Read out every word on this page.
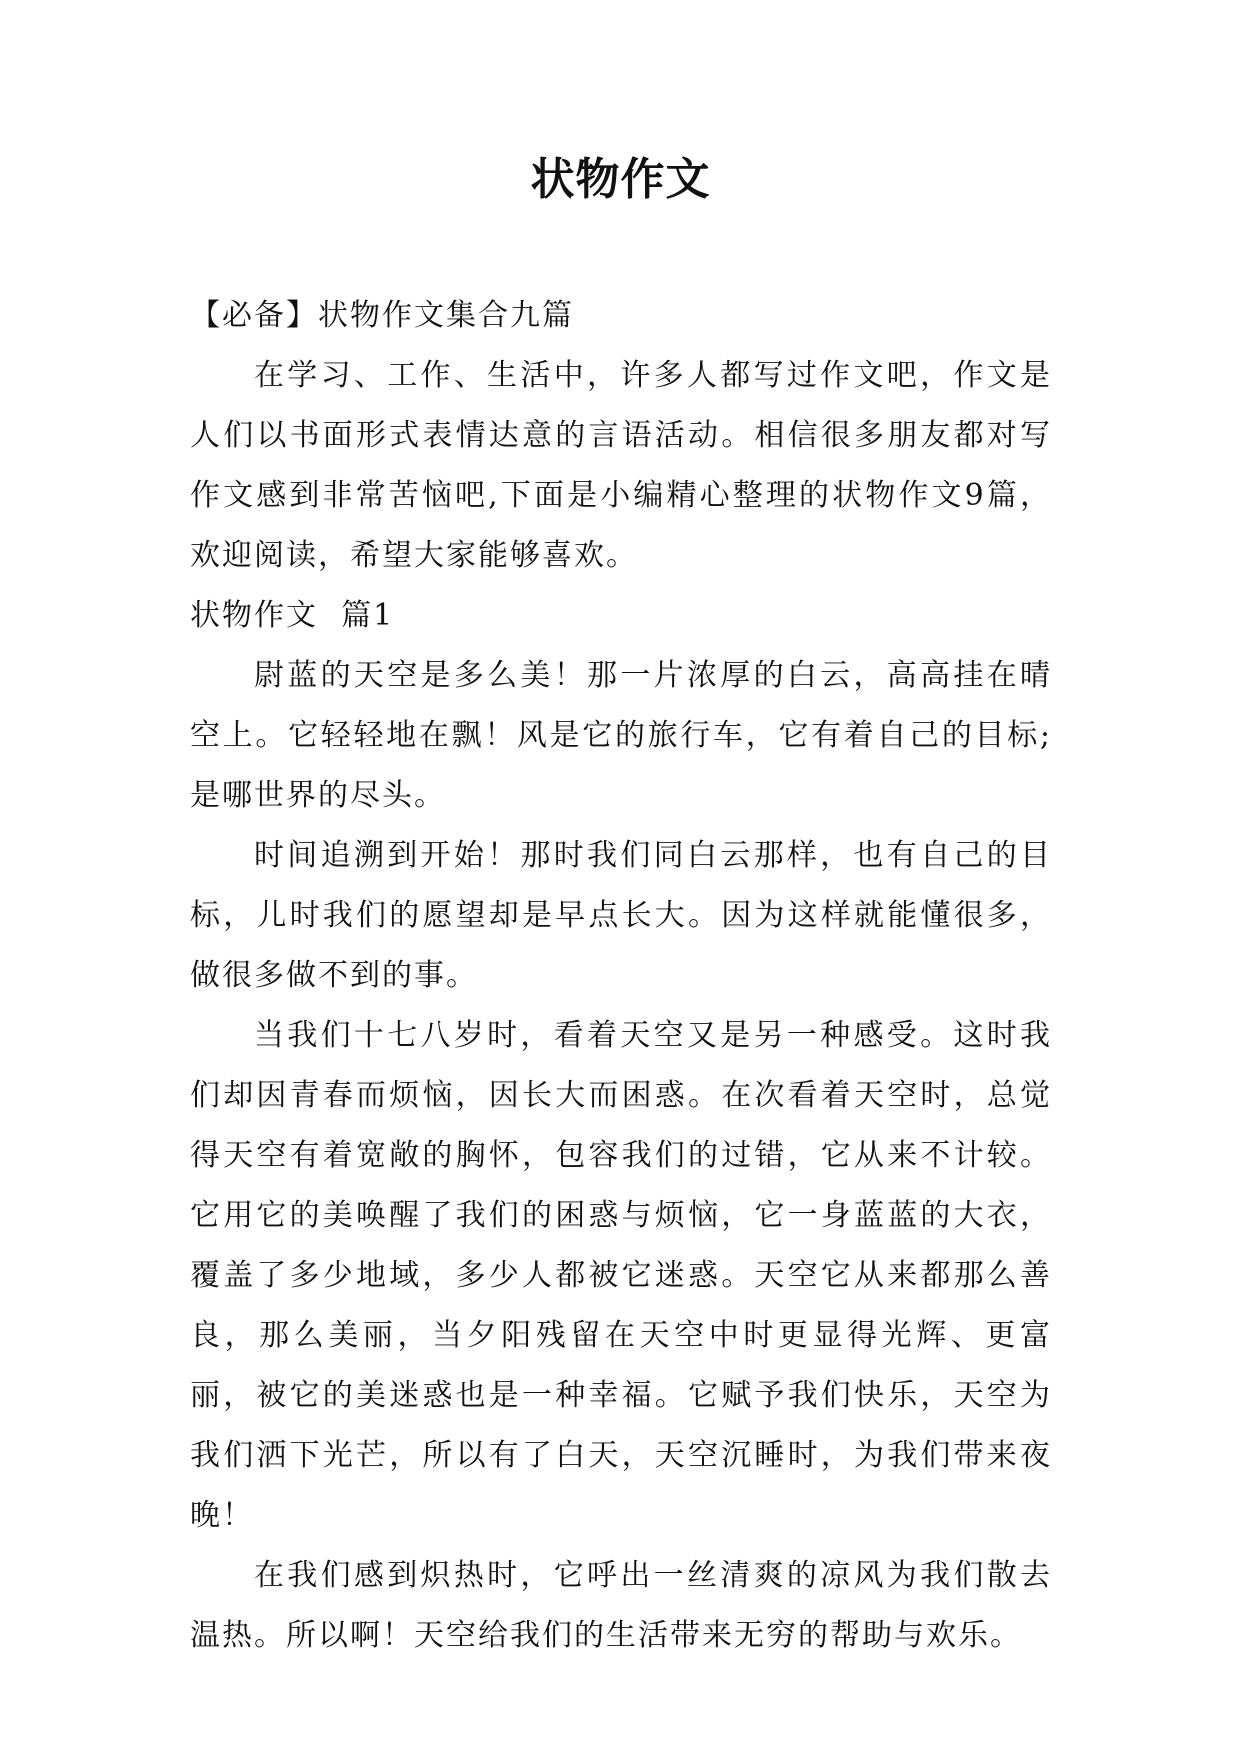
状物作文

【必备】状物作文集合九篇

在学习、工作、生活中，许多人都写过作文吧，作文是人们以书面形式表情达意的言语活动。相信很多朋友都对写作文感到非常苦恼吧,下面是小编精心整理的状物作文9篇，欢迎阅读，希望大家能够喜欢。

状物作文  篇1

尉蓝的天空是多么美！那一片浓厚的白云，高高挂在晴空上。它轻轻地在飘！风是它的旅行车，它有着自己的目标;是哪世界的尽头。

时间追溯到开始！那时我们同白云那样，也有自己的目标，儿时我们的愿望却是早点长大。因为这样就能懂很多，做很多做不到的事。

当我们十七八岁时，看着天空又是另一种感受。这时我们却因青春而烦恼，因长大而困惑。在次看着天空时，总觉得天空有着宽敞的胸怀，包容我们的过错，它从来不计较。它用它的美唤醒了我们的困惑与烦恼，它一身蓝蓝的大衣，覆盖了多少地域，多少人都被它迷惑。天空它从来都那么善良，那么美丽，当夕阳残留在天空中时更显得光辉、更富丽，被它的美迷惑也是一种幸福。它赋予我们快乐，天空为我们洒下光芒，所以有了白天，天空沉睡时，为我们带来夜晚！

在我们感到炽热时，它呼出一丝清爽的凉风为我们散去温热。所以啊！天空给我们的生活带来无穷的帮助与欢乐。
